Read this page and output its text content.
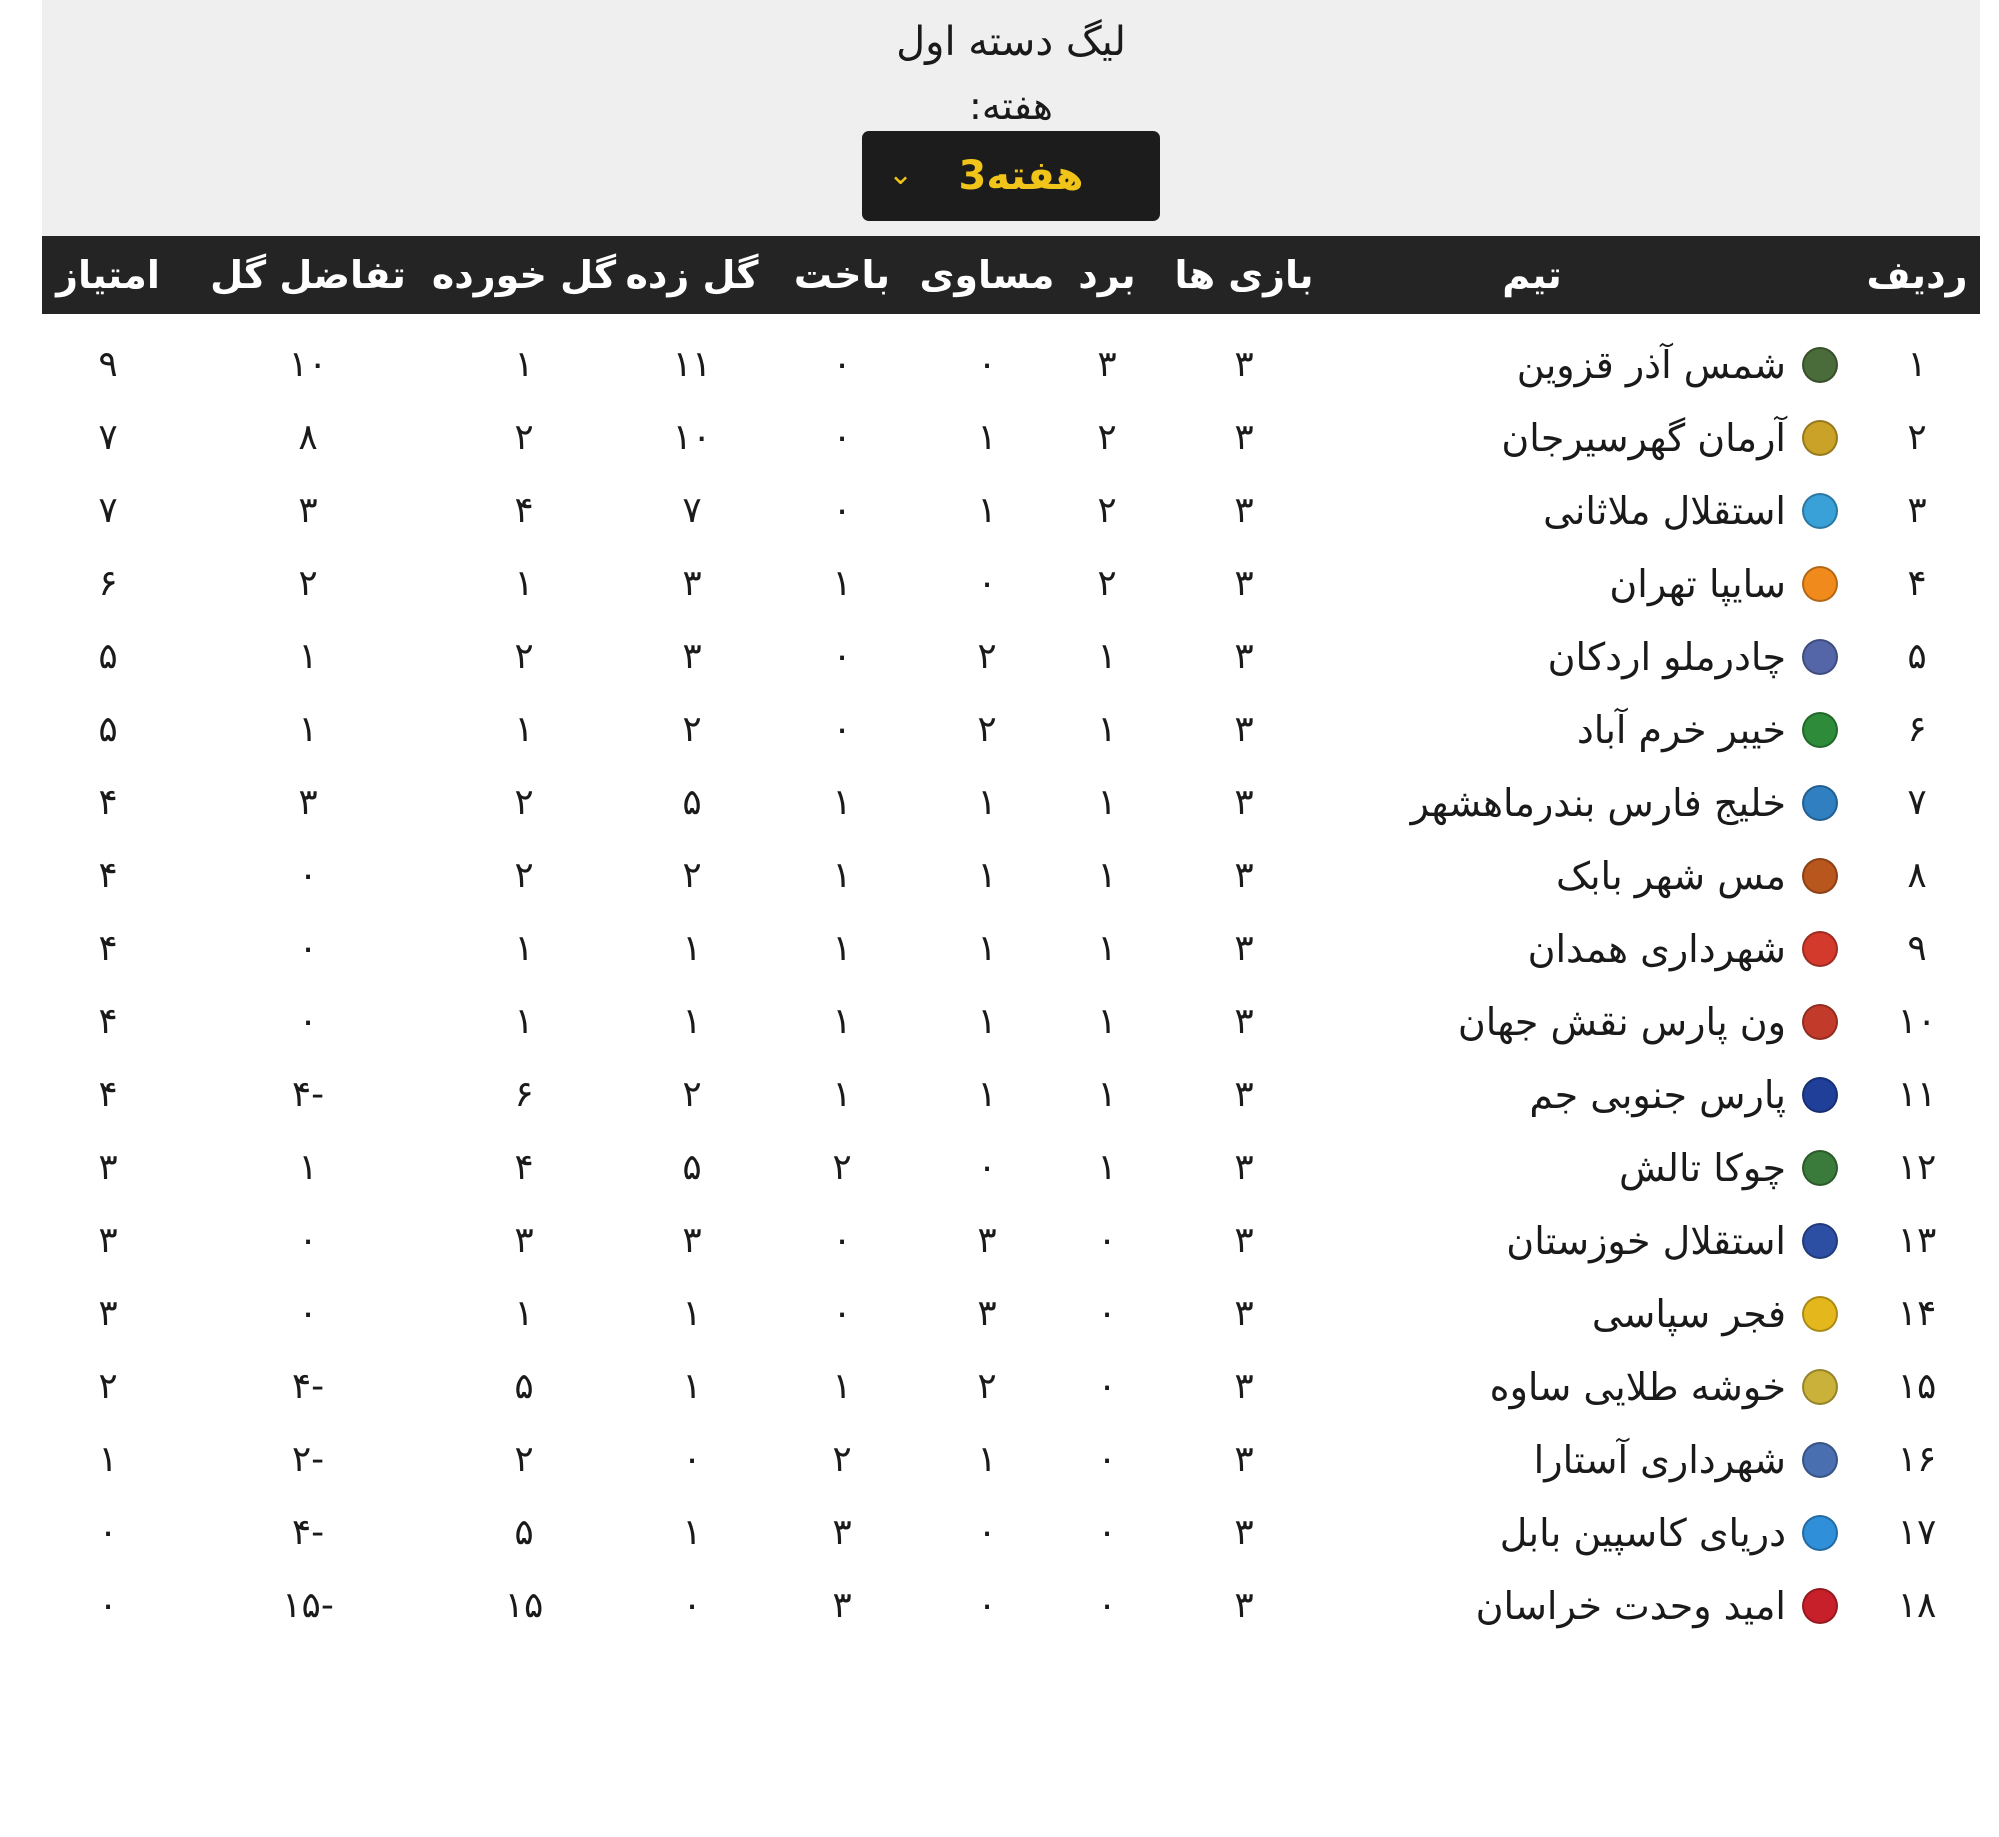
لیگ دسته اول
هفته:
⌄	هفته3
ردیف
تیم
بازی ها
برد
مساوی
باخت
گل زده
گل خورده
تفاضل گل
امتیاز
۱
شمس آذر قزوین
۳
۳
۰
۰
۱۱
۱
۱۰
۹
۲
آرمان گهرسیرجان
۳
۲
۱
۰
۱۰
۲
۸
۷
۳
استقلال ملاثانی
۳
۲
۱
۰
۷
۴
۳
۷
۴
سایپا تهران
۳
۲
۰
۱
۳
۱
۲
۶
۵
چادرملو اردکان
۳
۱
۲
۰
۳
۲
۱
۵
۶
خیبر خرم آباد
۳
۱
۲
۰
۲
۱
۱
۵
۷
خلیج فارس بندرماهشهر
۳
۱
۱
۱
۵
۲
۳
۴
۸
مس شهر بابک
۳
۱
۱
۱
۲
۲
۰
۴
۹
شهرداری همدان
۳
۱
۱
۱
۱
۱
۰
۴
۱۰
ون پارس نقش جهان
۳
۱
۱
۱
۱
۱
۰
۴
۱۱
پارس جنوبی جم
۳
۱
۱
۱
۲
۶
-۴
۴
۱۲
چوکا تالش
۳
۱
۰
۲
۵
۴
۱
۳
۱۳
استقلال خوزستان
۳
۰
۳
۰
۳
۳
۰
۳
۱۴
فجر سپاسی
۳
۰
۳
۰
۱
۱
۰
۳
۱۵
خوشه طلایی ساوه
۳
۰
۲
۱
۱
۵
-۴
۲
۱۶
شهرداری آستارا
۳
۰
۱
۲
۰
۲
-۲
۱
۱۷
دریای کاسپین بابل
۳
۰
۰
۳
۱
۵
-۴
۰
۱۸
امید وحدت خراسان
۳
۰
۰
۳
۰
۱۵
-۱۵
۰
